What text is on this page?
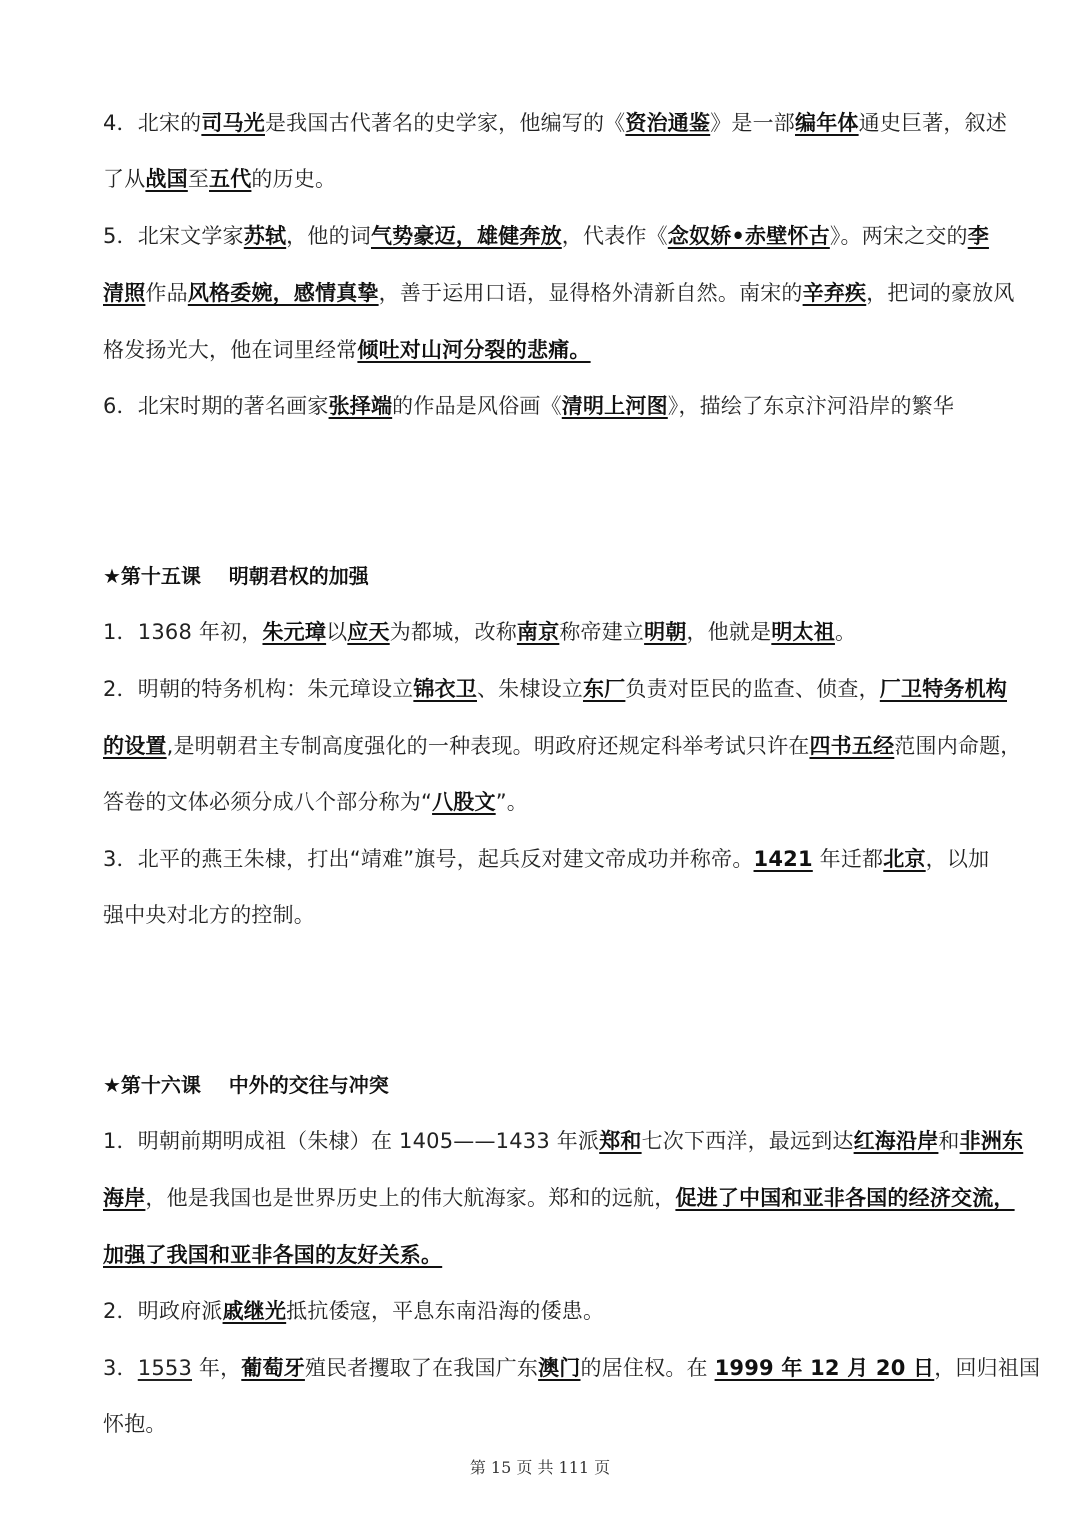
4．北宋的司马光是我国古代著名的史学家，他编写的《资治通鉴》是一部编年体通史巨著，叙述
了从战国至五代的历史。
5．北宋文学家苏轼，他的词气势豪迈，雄健奔放，代表作《念奴娇•赤壁怀古》。两宋之交的李
清照作品风格委婉，感情真挚，善于运用口语，显得格外清新自然。南宋的辛弃疾，把词的豪放风
格发扬光大，他在词里经常倾吐对山河分裂的悲痛。
6．北宋时期的著名画家张择端的作品是风俗画《清明上河图》，描绘了东京汴河沿岸的繁华
★第十五课    明朝君权的加强
1．1368 年初，朱元璋以应天为都城，改称南京称帝建立明朝，他就是明太祖。
2．明朝的特务机构：朱元璋设立锦衣卫、朱棣设立东厂负责对臣民的监查、侦查，厂卫特务机构
的设置,是明朝君主专制高度强化的一种表现。明政府还规定科举考试只许在四书五经范围内命题，
答卷的文体必须分成八个部分称为“八股文”。
3．北平的燕王朱棣，打出“靖难”旗号，起兵反对建文帝成功并称帝。1421 年迁都北京，以加
强中央对北方的控制。
★第十六课    中外的交往与冲突
1．明朝前期明成祖（朱棣）在 1405——1433 年派郑和七次下西洋，最远到达红海沿岸和非洲东
海岸，他是我国也是世界历史上的伟大航海家。郑和的远航，促进了中国和亚非各国的经济交流，
加强了我国和亚非各国的友好关系。
2．明政府派戚继光抵抗倭寇，平息东南沿海的倭患。
3．1553 年，葡萄牙殖民者攫取了在我国广东澳门的居住权。在 1999 年 12 月 20 日，回归祖国
怀抱。
第 15 页 共 111 页
